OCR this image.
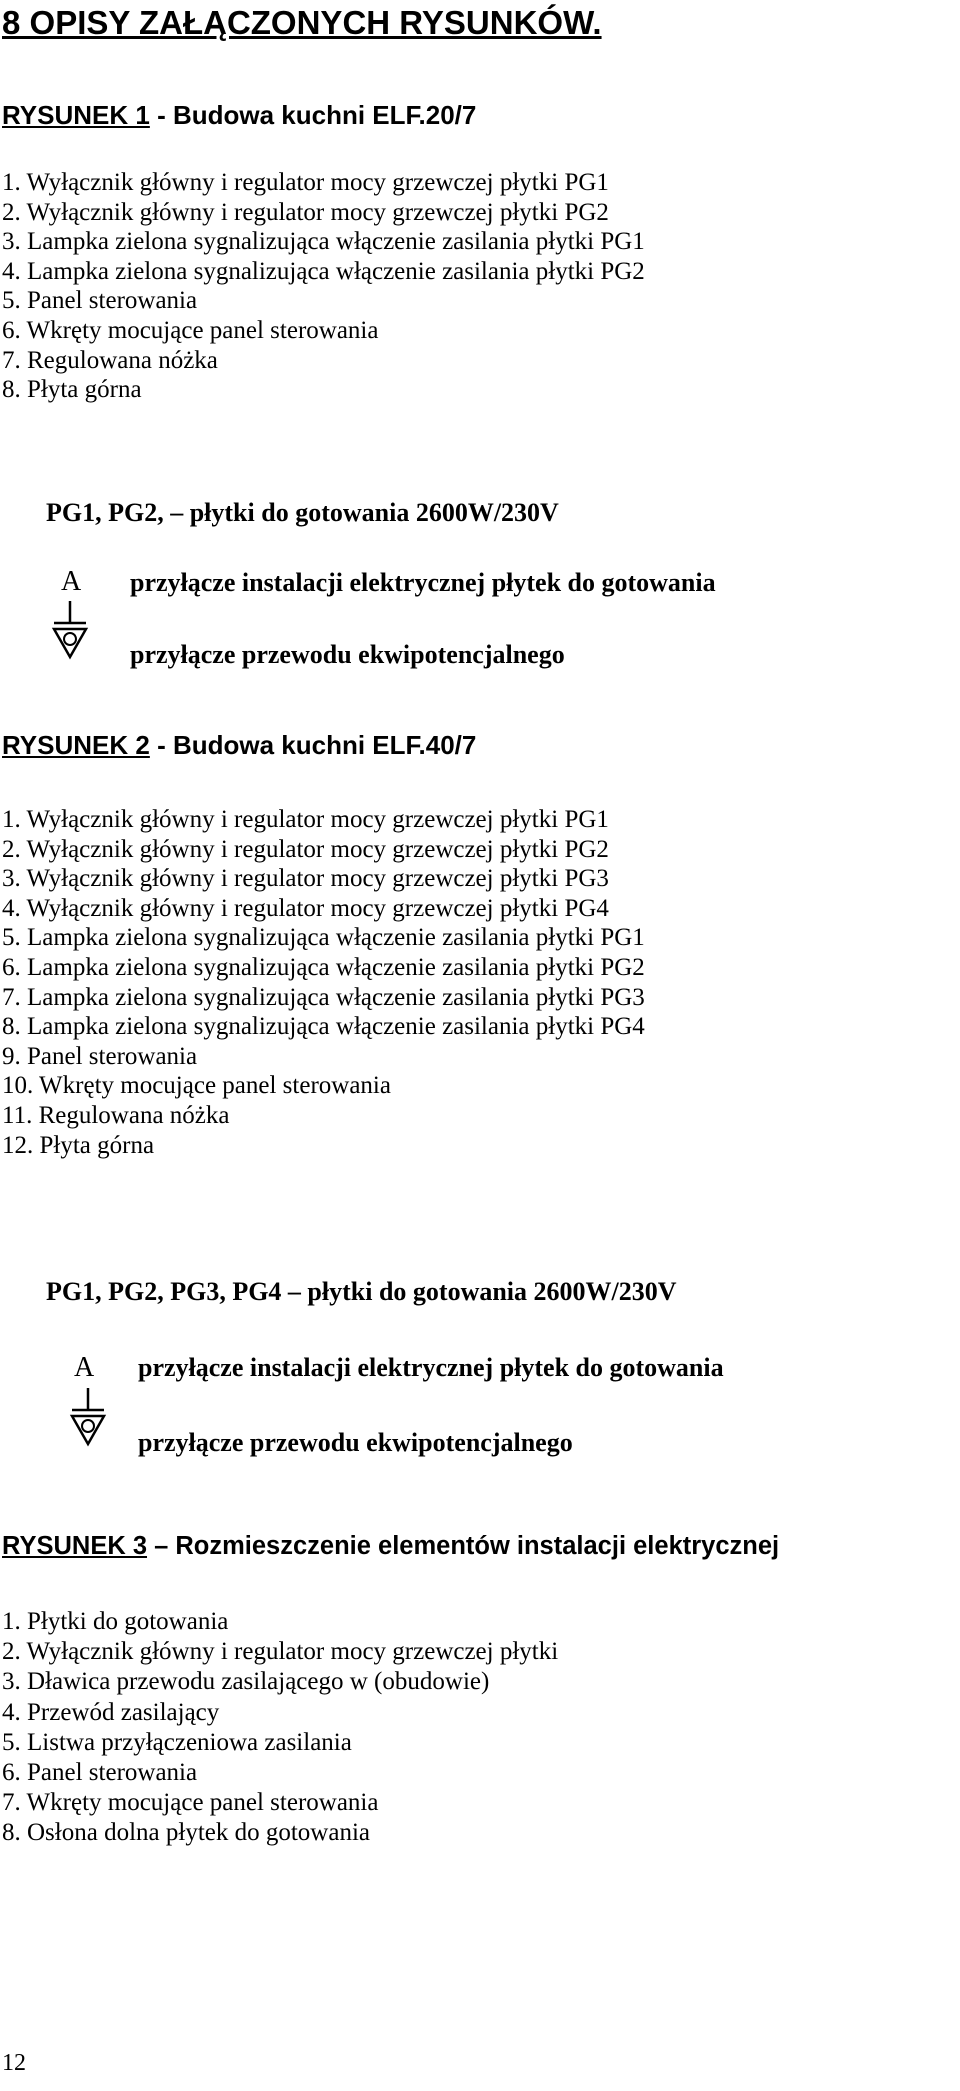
8 OPISY ZAŁĄCZONYCH RYSUNKÓW.
RYSUNEK 1 - Budowa kuchni ELF.20/7
1. Wyłącznik główny i regulator mocy grzewczej płytki PG1
2. Wyłącznik główny i regulator mocy grzewczej płytki PG2
3. Lampka zielona sygnalizująca włączenie zasilania płytki PG1
4. Lampka zielona sygnalizująca włączenie zasilania płytki PG2
5. Panel sterowania
6. Wkręty mocujące panel sterowania
7. Regulowana nóżka
8. Płyta górna
PG1, PG2, – płytki do gotowania 2600W/230V
A przyłącze instalacji elektrycznej płytek do gotowania
przyłącze przewodu ekwipotencjalnego
RYSUNEK 2 - Budowa kuchni ELF.40/7
1. Wyłącznik główny i regulator mocy grzewczej płytki PG1
2. Wyłącznik główny i regulator mocy grzewczej płytki PG2
3. Wyłącznik główny i regulator mocy grzewczej płytki PG3
4. Wyłącznik główny i regulator mocy grzewczej płytki PG4
5. Lampka zielona sygnalizująca włączenie zasilania płytki PG1
6. Lampka zielona sygnalizująca włączenie zasilania płytki PG2
7. Lampka zielona sygnalizująca włączenie zasilania płytki PG3
8. Lampka zielona sygnalizująca włączenie zasilania płytki PG4
9. Panel sterowania
10. Wkręty mocujące panel sterowania
11. Regulowana nóżka
12. Płyta górna
PG1, PG2, PG3, PG4 – płytki do gotowania 2600W/230V
A przyłącze instalacji elektrycznej płytek do gotowania
przyłącze przewodu ekwipotencjalnego
RYSUNEK 3 – Rozmieszczenie elementów instalacji elektrycznej
1. Płytki do gotowania
2. Wyłącznik główny i regulator mocy grzewczej płytki
3. Dławica przewodu zasilającego w (obudowie)
4. Przewód zasilający
5. Listwa przyłączeniowa zasilania
6. Panel sterowania
7. Wkręty mocujące panel sterowania
8. Osłona dolna płytek do gotowania
12
